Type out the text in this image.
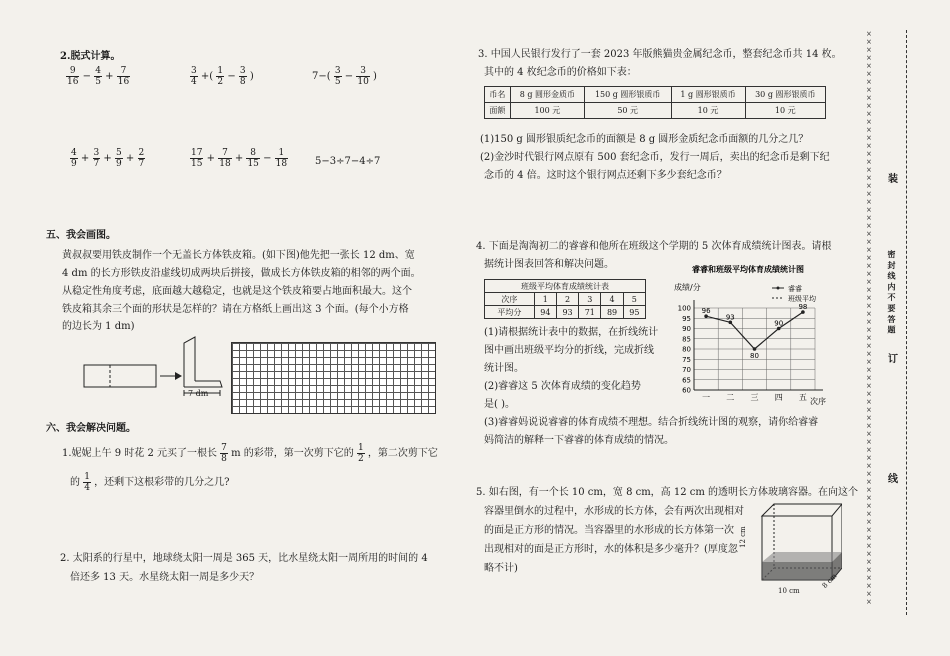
2.脱式计算。
$\frac{9}{16} - \frac{4}{5} + \frac{7}{16}$	$\frac{3}{4}$ +( $\frac{1}{2} - \frac{3}{8}$ )	$7-( \frac{3}{5} - \frac{3}{10}$ )
$\frac{4}{9} + \frac{3}{7} + \frac{5}{9} + \frac{2}{7}$	$\frac{17}{15} + \frac{7}{18} + \frac{8}{15} - \frac{1}{18}$	5−3÷7−4÷7
五、我会画图。
黄叔叔要用铁皮制作一个无盖长方体铁皮箱。(如下图)他先把一张长 12 dm、宽
4 dm 的长方形铁皮沿虚线切成两块后拼接，做成长方体铁皮箱的相邻的两个面。
从稳定性角度考虑，底面越大越稳定，也就是这个铁皮箱要占地面积最大。这个
铁皮箱其余三个面的形状是怎样的？请在方格纸上画出这 3 个面。(每个小方格
的边长为 1 dm)
7 dm
六、我会解决问题。
1.妮妮上午 9 时花 2 元买了一根长 $\frac{7}{8}$ m 的彩带，第一次剪下它的 $\frac{1}{2}$ ，第二次剪下它
的 $\frac{1}{4}$ ，还剩下这根彩带的几分之几?
2. 太阳系的行星中，地球绕太阳一周是 365 天，比水星绕太阳一周所用的时间的 4
倍还多 13 天。水星绕太阳一周是多少天？
3. 中国人民银行发行了一套 2023 年版熊猫贵金属纪念币，整套纪念币共 14 枚。
其中的 4 枚纪念币的价格如下表：
币名	8 g 圆形金质币	150 g 圆形银质币	1 g 圆形银质币	30 g 圆形银质币
面额	100 元	50 元	10 元	10 元
(1)150 g 圆形银质纪念币的面额是 8 g 圆形金质纪念币面额的几分之几？
(2)金沙时代银行网点原有 500 套纪念币，发行一周后，卖出的纪念币是剩下纪
念币的 4 倍。这时这个银行网点还剩下多少套纪念币？
4. 下面是淘淘初二的睿睿和他所在班级这个学期的 5 次体育成绩统计图表。请根
据统计图表回答和解决问题。
班级平均体育成绩统计表					
次序	1	2	3	4	5
平均分	94	93	71	89	95
(1)请根据统计表中的数据，在折线统计
图中画出班级平均分的折线，完成折线
统计图。
(2)睿睿这 5 次体育成绩的变化趋势
是( )。
(3)睿睿妈说说睿睿的体育成绩不理想。结合折线统计图的观察，请你给睿睿
妈简洁的解释一下睿睿的体育成绩的情况。
睿睿和班级平均体育成绩统计图
成绩/分
次序
100
95
90
85
80
75
70
65
60
一 二 三 四 五
96
93
80
90
98
睿睿
班级平均
5. 如右图，有一个长 10 cm，宽 8 cm，高 12 cm 的透明长方体玻璃容器。在向这个
容器里倒水的过程中，水形成的长方体，会有两次出现相对
的面是正方形的情况。当容器里的水形成的长方体第一次
出现相对的面是正方形时，水的体积是多少毫升？(厚度忽
略不计)
12 cm
10 cm
8 cm
××××××××××××××××××××××××××××××××××××××××××××××××××××××××××××××××××××××××
装
订
线
密 封 线 内 不 要 答 题
